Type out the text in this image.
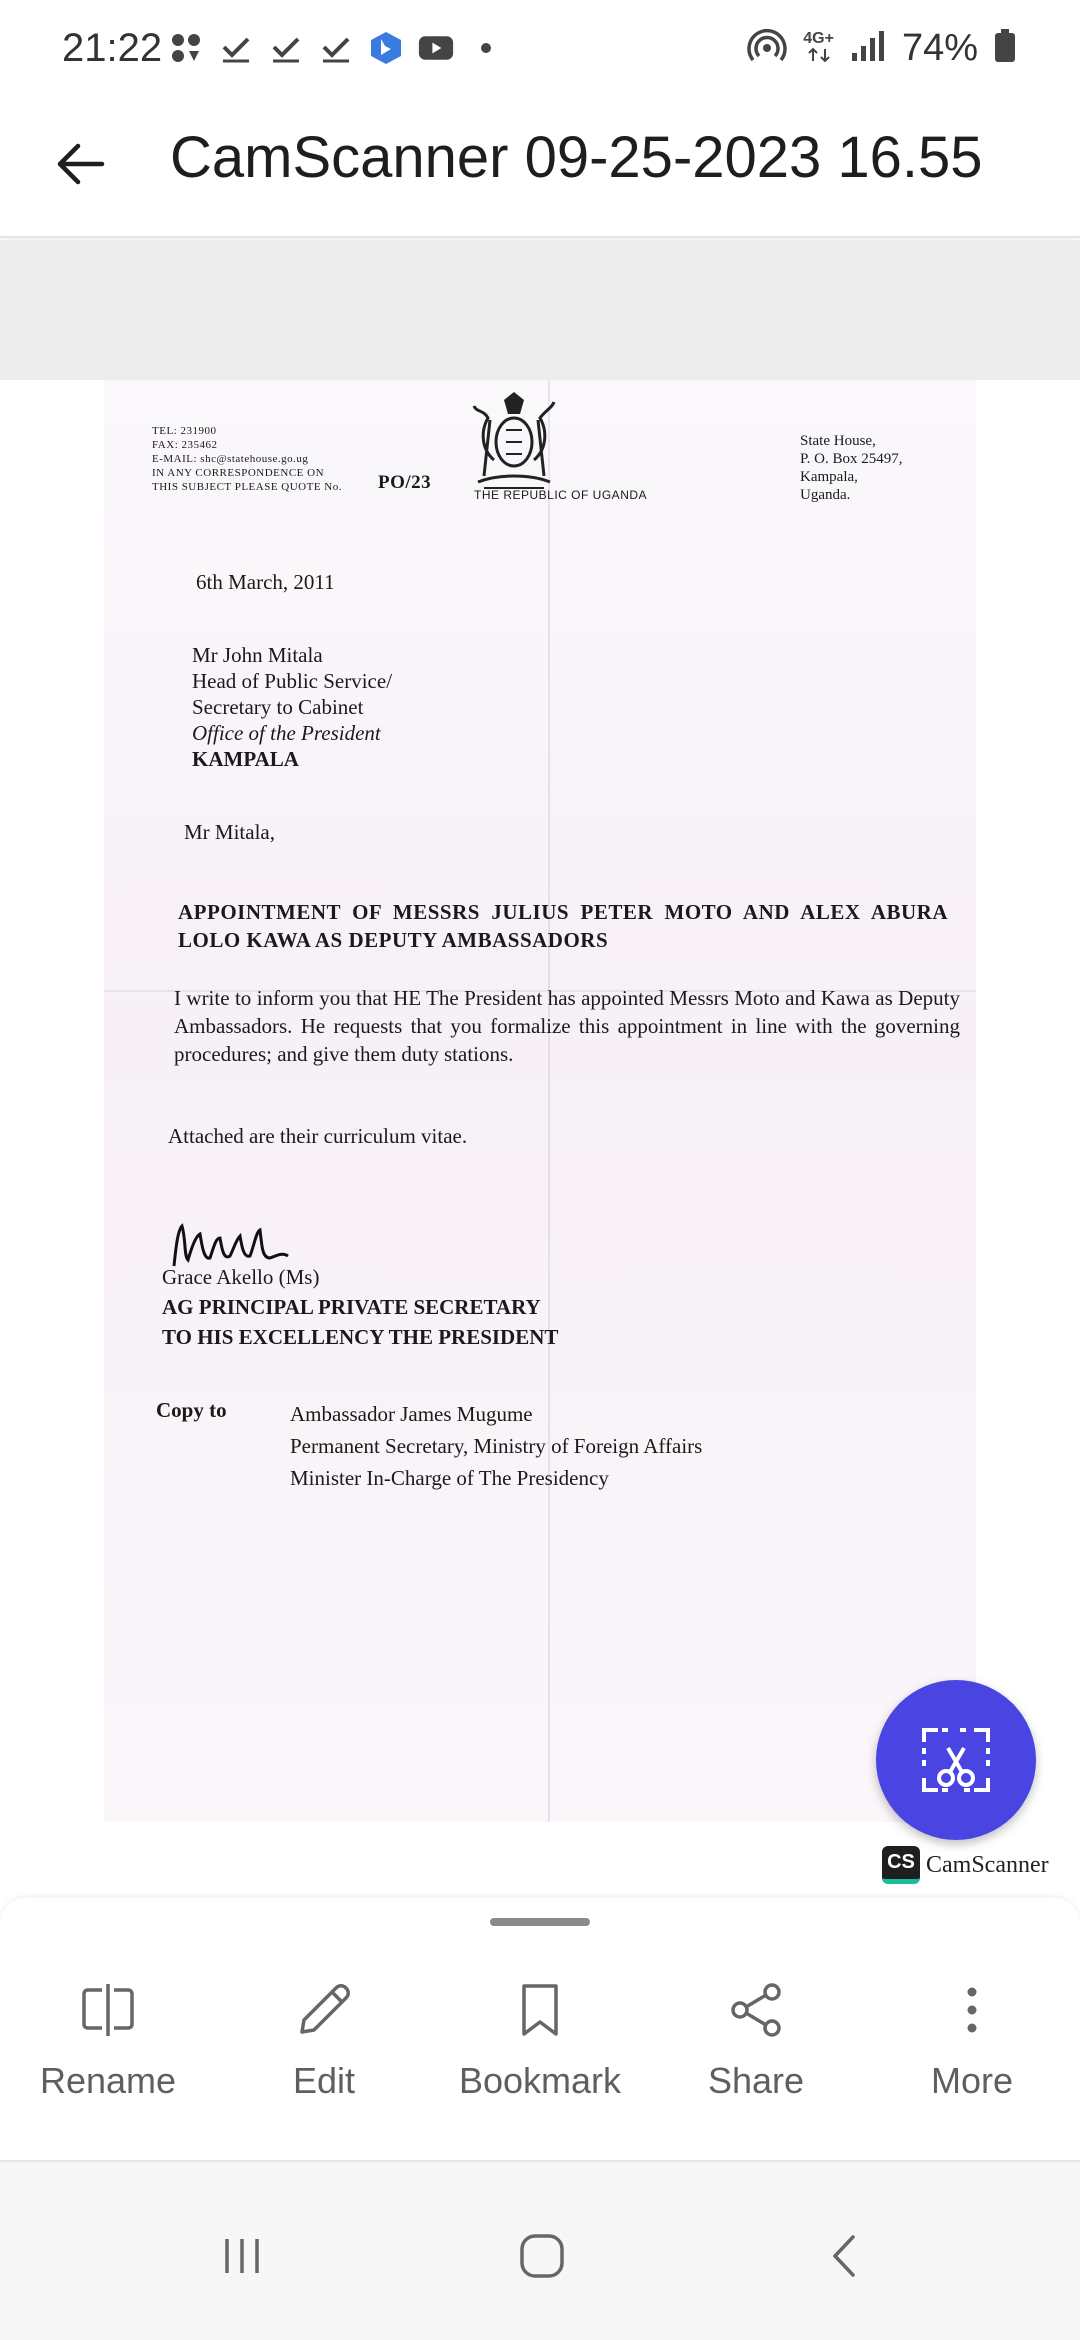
21:22	4G+ 74%
CamScanner 09-25-2023 16.55
TEL: 231900
FAX: 235462
E-MAIL: shc@statehouse.go.ug
IN ANY CORRESPONDENCE ON
THIS SUBJECT PLEASE QUOTE No. PO/23
THE REPUBLIC OF UGANDA
State House,
P. O. Box 25497,
Kampala,
Uganda.
6th March, 2011
Mr John Mitala
Head of Public Service/
Secretary to Cabinet
Office of the President
KAMPALA
Mr Mitala,
APPOINTMENT OF MESSRS JULIUS PETER MOTO AND ALEX ABURA LOLO KAWA AS DEPUTY AMBASSADORS
I write to inform you that HE The President has appointed Messrs Moto and Kawa as Deputy Ambassadors. He requests that you formalize this appointment in line with the governing procedures; and give them duty stations.
Attached are their curriculum vitae.
Grace Akello (Ms)
AG PRINCIPAL PRIVATE SECRETARY
TO HIS EXCELLENCY THE PRESIDENT
Copy to	Ambassador James Mugume
Permanent Secretary, Ministry of Foreign Affairs
Minister In-Charge of The Presidency
CS CamScanner
Rename	Edit	Bookmark Share	More
